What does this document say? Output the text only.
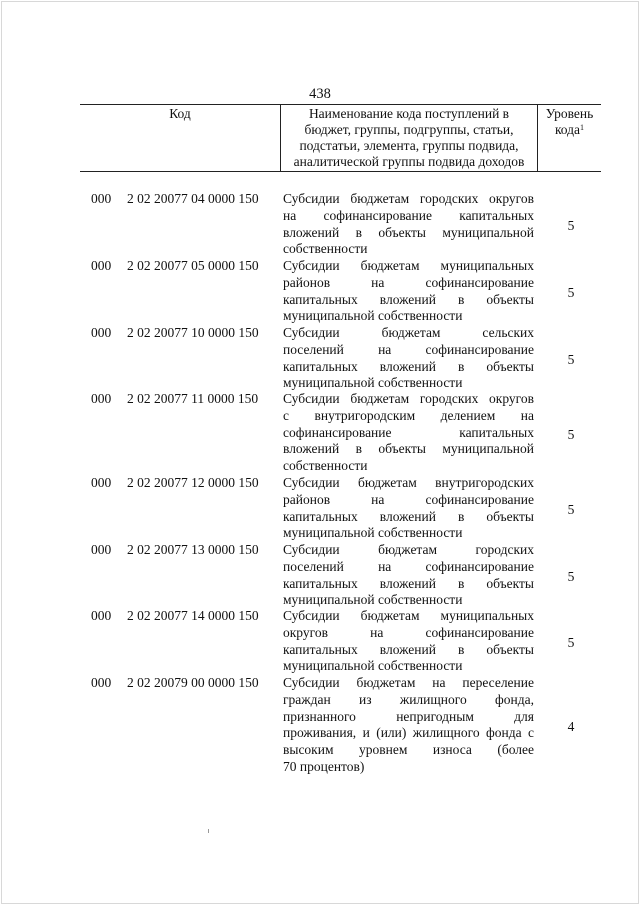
438
Код	Наименование кода поступлений в
бюджет, группы, подгруппы, статьи,
подстатьи, элемента, группы подвида,
аналитической группы подвида доходов
Уровень
кода$^1$
000 2 02 20077 04 0000 150 Субсидии бюджетам городских округов
на софинансирование капитальных
вложений в объекты муниципальной
собственности
5
000 2 02 20077 05 0000 150 Субсидии бюджетам муниципальных
районов на софинансирование
капитальных вложений в объекты
муниципальной собственности
5
000 2 02 20077 10 0000 150 Субсидии бюджетам сельских
поселений на софинансирование
капитальных вложений в объекты
муниципальной собственности
5
000 2 02 20077 11 0000 150 Субсидии бюджетам городских округов
с внутригородским делением на
софинансирование капитальных
вложений в объекты муниципальной
собственности
5
000 2 02 20077 12 0000 150 Субсидии бюджетам внутригородских
районов на софинансирование
капитальных вложений в объекты
муниципальной собственности
5
000 2 02 20077 13 0000 150 Субсидии бюджетам городских
поселений на софинансирование
капитальных вложений в объекты
муниципальной собственности
5
000 2 02 20077 14 0000 150 Субсидии бюджетам муниципальных
округов на софинансирование
капитальных вложений в объекты
муниципальной собственности
5
000 2 02 20079 00 0000 150 Субсидии бюджетам на переселение
граждан из жилищного фонда,
признанного непригодным для
проживания, и (или) жилищного фонда с
высоким уровнем износа (более
70 процентов)
4
